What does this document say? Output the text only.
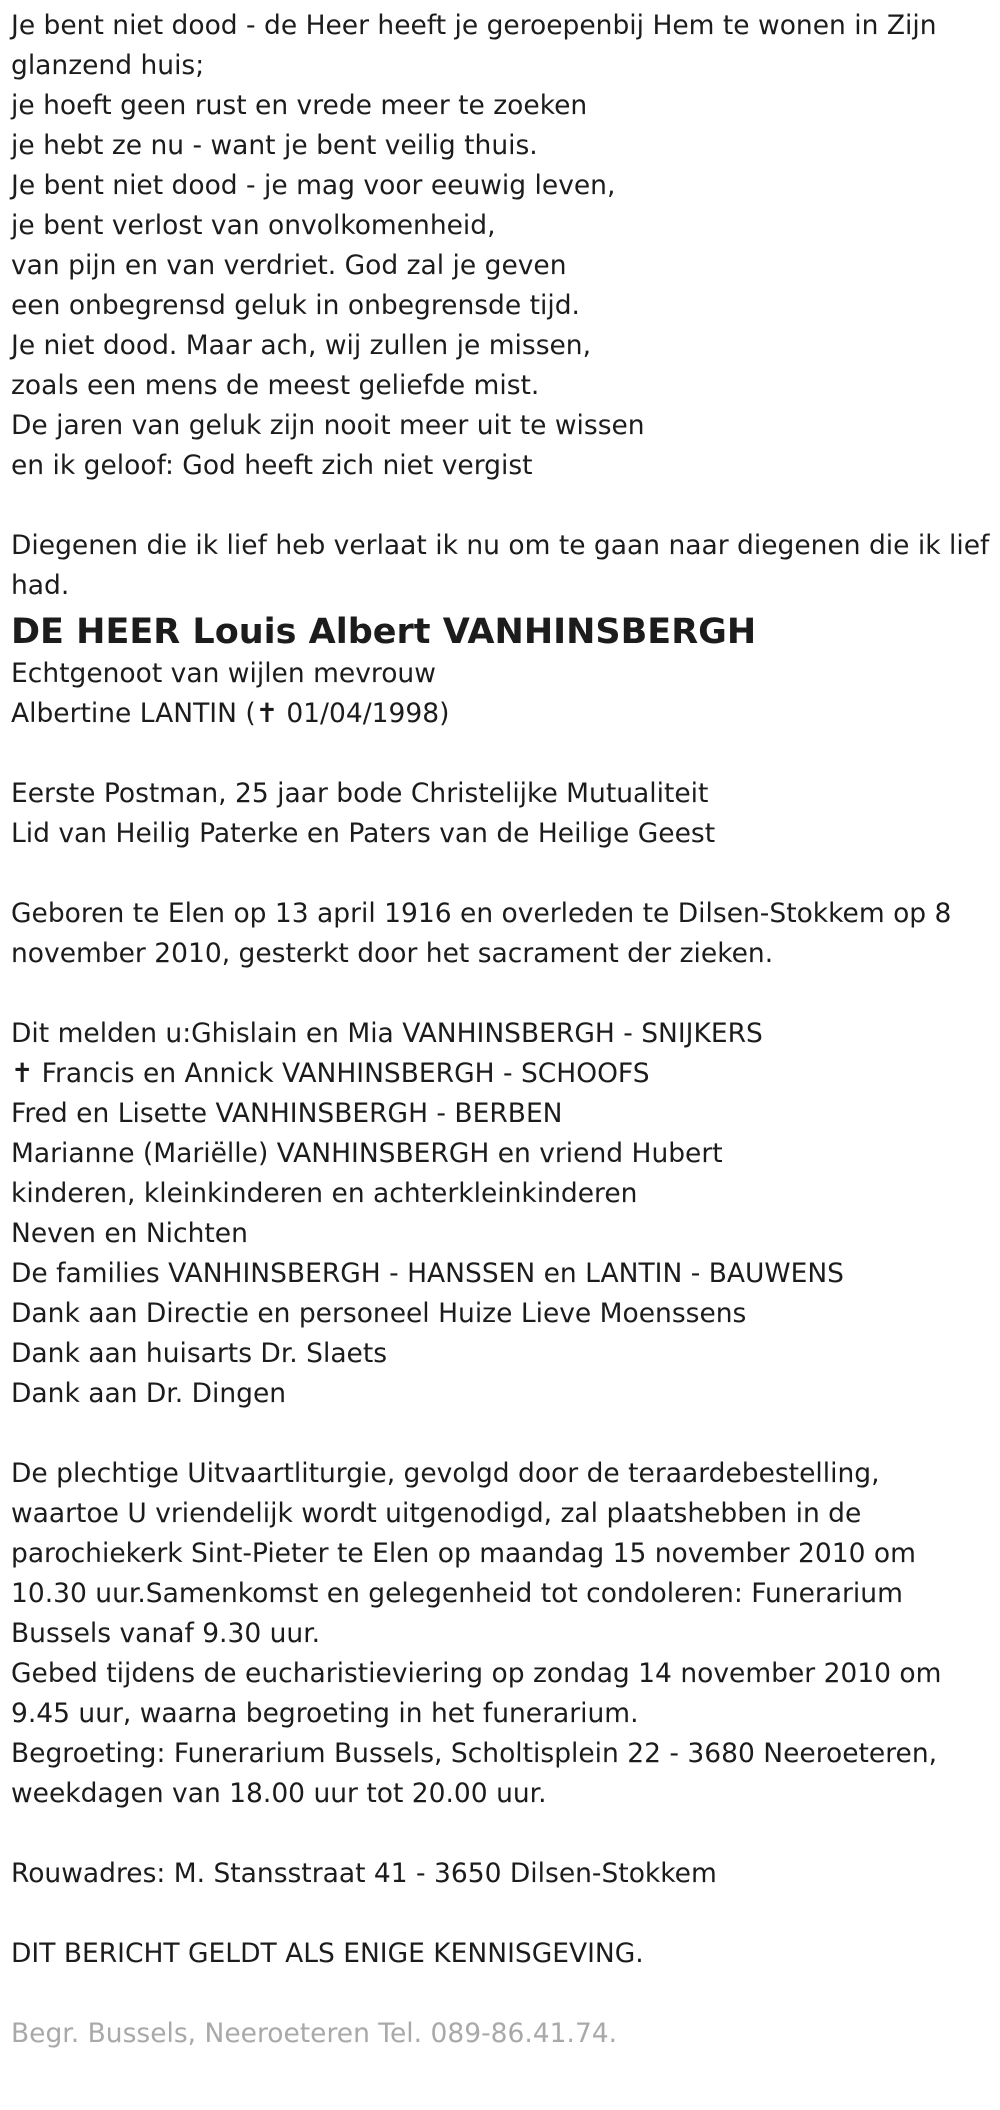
Je bent niet dood - de Heer heeft je geroepenbij Hem te wonen in Zijn
glanzend huis;
je hoeft geen rust en vrede meer te zoeken
je hebt ze nu - want je bent veilig thuis.
Je bent niet dood - je mag voor eeuwig leven,
je bent verlost van onvolkomenheid,
van pijn en van verdriet. God zal je geven
een onbegrensd geluk in onbegrensde tijd.
Je niet dood. Maar ach, wij zullen je missen,
zoals een mens de meest geliefde mist.
De jaren van geluk zijn nooit meer uit te wissen
en ik geloof: God heeft zich niet vergist
Diegenen die ik lief heb verlaat ik nu om te gaan naar diegenen die ik lief
had.
DE HEER Louis Albert VANHINSBERGH
Echtgenoot van wijlen mevrouw
Albertine LANTIN (✝ 01/04/1998)
Eerste Postman, 25 jaar bode Christelijke Mutualiteit
Lid van Heilig Paterke en Paters van de Heilige Geest
Geboren te Elen op 13 april 1916 en overleden te Dilsen-Stokkem op 8
november 2010, gesterkt door het sacrament der zieken.
Dit melden u:Ghislain en Mia VANHINSBERGH - SNIJKERS
✝ Francis en Annick VANHINSBERGH - SCHOOFS
Fred en Lisette VANHINSBERGH - BERBEN
Marianne (Mariëlle) VANHINSBERGH en vriend Hubert
kinderen, kleinkinderen en achterkleinkinderen
Neven en Nichten
De families VANHINSBERGH - HANSSEN en LANTIN - BAUWENS
Dank aan Directie en personeel Huize Lieve Moenssens
Dank aan huisarts Dr. Slaets
Dank aan Dr. Dingen
De plechtige Uitvaartliturgie, gevolgd door de teraardebestelling,
waartoe U vriendelijk wordt uitgenodigd, zal plaatshebben in de
parochiekerk Sint-Pieter te Elen op maandag 15 november 2010 om
10.30 uur.Samenkomst en gelegenheid tot condoleren: Funerarium
Bussels vanaf 9.30 uur.
Gebed tijdens de eucharistieviering op zondag 14 november 2010 om
9.45 uur, waarna begroeting in het funerarium.
Begroeting: Funerarium Bussels, Scholtisplein 22 - 3680 Neeroeteren,
weekdagen van 18.00 uur tot 20.00 uur.
Rouwadres: M. Stansstraat 41 - 3650 Dilsen-Stokkem
DIT BERICHT GELDT ALS ENIGE KENNISGEVING.
Begr. Bussels, Neeroeteren Tel. 089-86.41.74.
